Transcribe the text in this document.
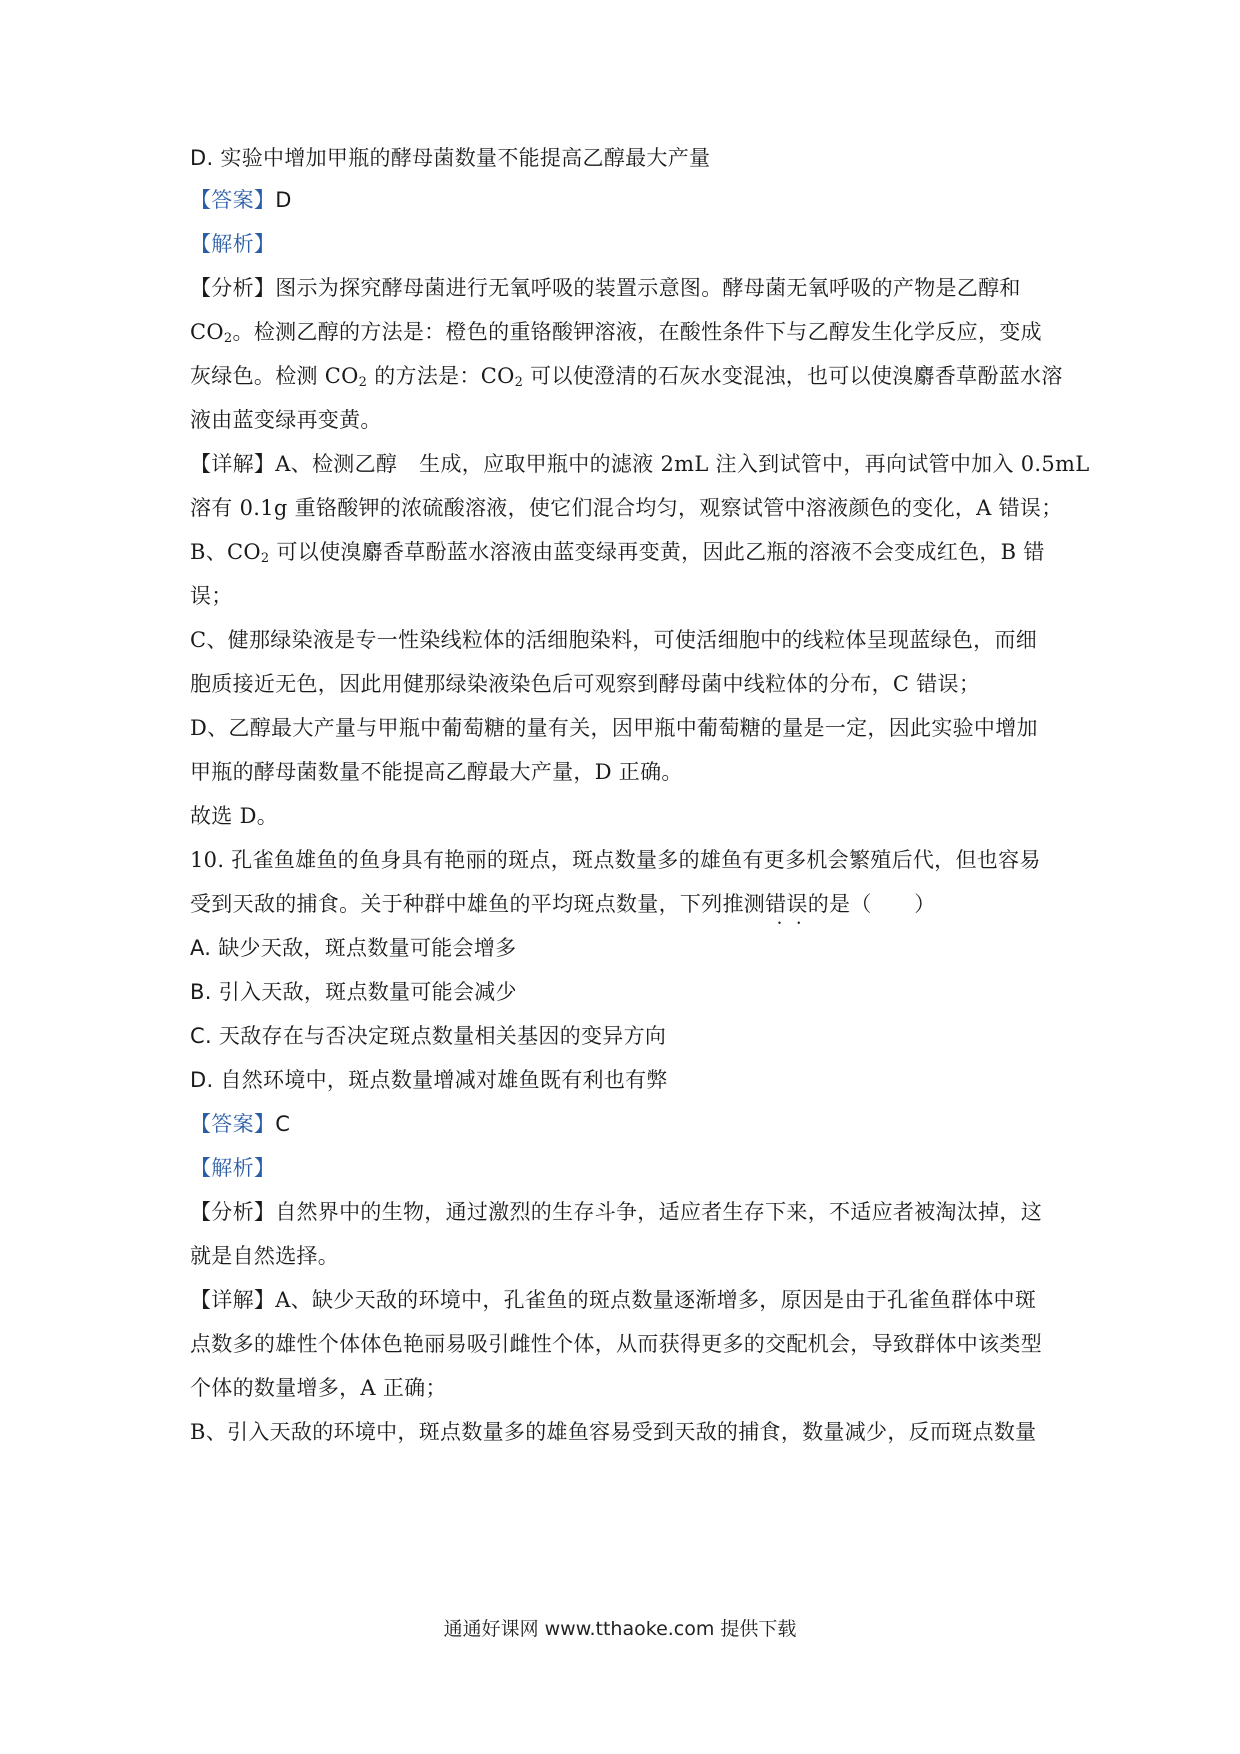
D. 实验中增加甲瓶的酵母菌数量不能提高乙醇最大产量
【答案】D
【解析】
【分析】图示为探究酵母菌进行无氧呼吸的装置示意图。酵母菌无氧呼吸的产物是乙醇和
$CO_2$。检测乙醇的方法是：橙色的重铬酸钾溶液，在酸性条件下与乙醇发生化学反应，变成
灰绿色。检测 $CO_2$ 的方法是：$CO_2$ 可以使澄清的石灰水变混浊，也可以使溴麝香草酚蓝水溶
液由蓝变绿再变黄。
【详解】A、检测乙醇 生成，应取甲瓶中的滤液 2mL 注入到试管中，再向试管中加入 0.5mL
溶有 0.1g 重铬酸钾的浓硫酸溶液，使它们混合均匀，观察试管中溶液颜色的变化，A 错误；
B、$CO_2$ 可以使溴麝香草酚蓝水溶液由蓝变绿再变黄，因此乙瓶的溶液不会变成红色，B 错
误；
C、健那绿染液是专一性染线粒体的活细胞染料，可使活细胞中的线粒体呈现蓝绿色，而细
胞质接近无色，因此用健那绿染液染色后可观察到酵母菌中线粒体的分布，C 错误；
D、乙醇最大产量与甲瓶中葡萄糖的量有关，因甲瓶中葡萄糖的量是一定，因此实验中增加
甲瓶的酵母菌数量不能提高乙醇最大产量，D 正确。
故选 D。
10. 孔雀鱼雄鱼的鱼身具有艳丽的斑点，斑点数量多的雄鱼有更多机会繁殖后代，但也容易
受到天敌的捕食。关于种群中雄鱼的平均斑点数量，下列推测错误 • •的是（　　）
A. 缺少天敌，斑点数量可能会增多
B. 引入天敌，斑点数量可能会减少
C. 天敌存在与否决定斑点数量相关基因的变异方向
D. 自然环境中，斑点数量增减对雄鱼既有利也有弊
【答案】C
【解析】
【分析】自然界中的生物，通过激烈的生存斗争，适应者生存下来，不适应者被淘汰掉，这
就是自然选择。
【详解】A、缺少天敌的环境中，孔雀鱼的斑点数量逐渐增多，原因是由于孔雀鱼群体中斑
点数多的雄性个体体色艳丽易吸引雌性个体，从而获得更多的交配机会，导致群体中该类型
个体的数量增多，A 正确；
B、引入天敌的环境中，斑点数量多的雄鱼容易受到天敌的捕食，数量减少，反而斑点数量
通通好课网 www.tthaoke.com 提供下载
